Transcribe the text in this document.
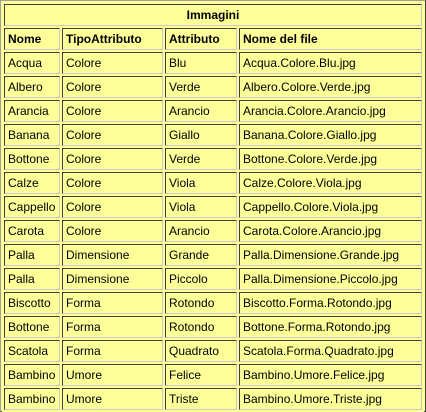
Immagini			
Nome	TipoAttributo	Attributo	Nome del file
Acqua	Colore	Blu	Acqua.Colore.Blu.jpg
Albero	Colore	Verde	Albero.Colore.Verde.jpg
Arancia	Colore	Arancio	Arancia.Colore.Arancio.jpg
Banana	Colore	Giallo	Banana.Colore.Giallo.jpg
Bottone	Colore	Verde	Bottone.Colore.Verde.jpg
Calze	Colore	Viola	Calze.Colore.Viola.jpg
Cappello	Colore	Viola	Cappello.Colore.Viola.jpg
Carota	Colore	Arancio	Carota.Colore.Arancio.jpg
Palla	Dimensione	Grande	Palla.Dimensione.Grande.jpg
Palla	Dimensione	Piccolo	Palla.Dimensione.Piccolo.jpg
Biscotto	Forma	Rotondo	Biscotto.Forma.Rotondo.jpg
Bottone	Forma	Rotondo	Bottone.Forma.Rotondo.jpg
Scatola	Forma	Quadrato	Scatola.Forma.Quadrato.jpg
Bambino	Umore	Felice	Bambino.Umore.Felice.jpg
Bambino	Umore	Triste	Bambino.Umore.Triste.jpg
